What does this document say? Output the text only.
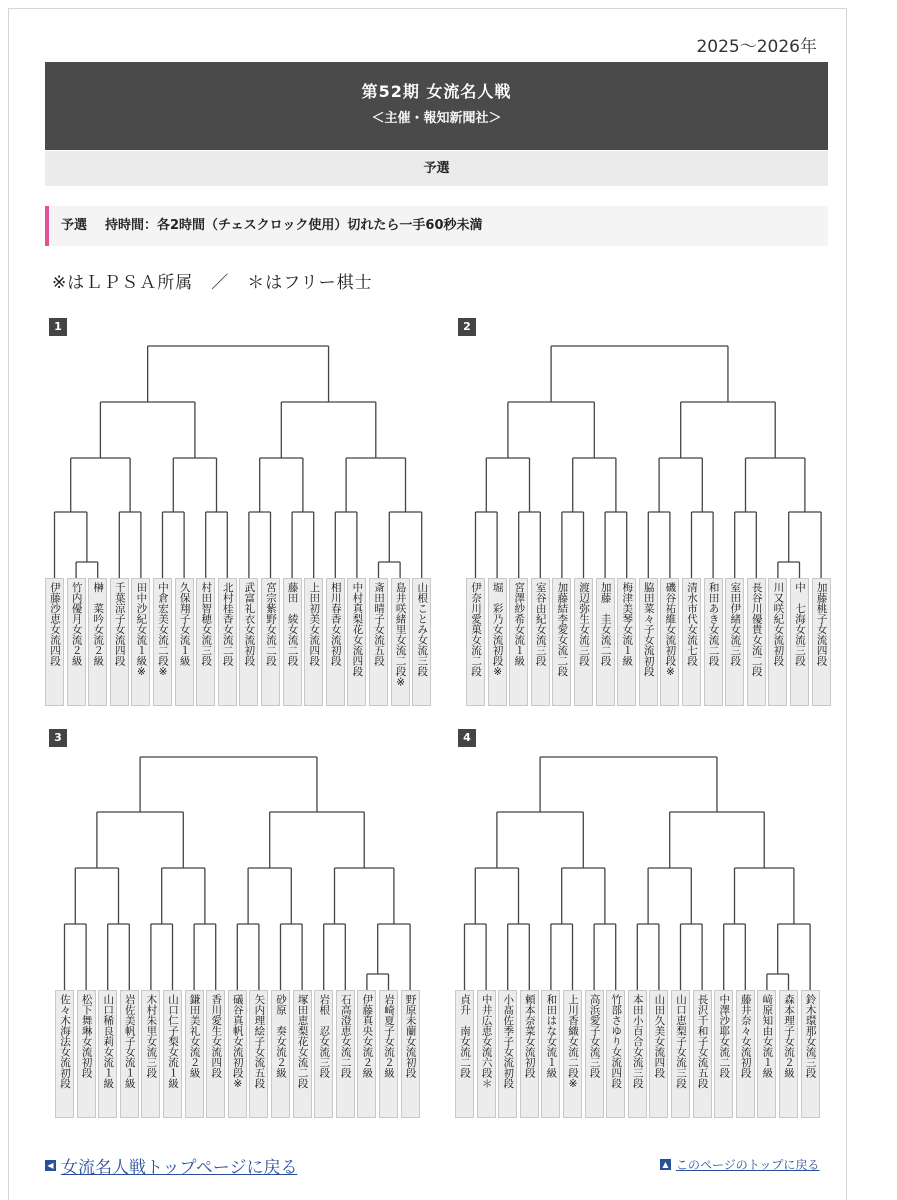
2025～2026年
第52期 女流名人戦
＜主催・報知新聞社＞
予選
予選 持時間：各2時間（チェスクロック使用）切れたら一手60秒未満
※はＬＰＳＡ所属　／　＊はフリー棋士
1	2
3	4
伊藤沙恵女流四段 竹内優月女流２級 榊　菜吟女流２級 千葉涼子女流四段 田中沙紀女流１級※ 中倉宏美女流二段※ 久保翔子女流１級 村田智穂女流三段 北村桂香女流二段 武富礼衣女流初段 宮宗紫野女流二段 藤田　綾女流二段 上田初美女流四段 相川春香女流初段 中村真梨花女流四段 斎田晴子女流五段 島井咲緒里女流二段※ 山根ことみ女流三段	伊奈川愛菓女流二段 堀　彩乃女流初段※ 宮澤紗希女流１級 室谷由紀女流三段 加藤結李愛女流二段 渡辺弥生女流三段 加藤　圭女流二段 梅津美琴女流１級 脇田菜々子女流初段 磯谷祐維女流初段※ 清水市代女流七段 和田あき女流二段 室田伊緒女流三段 長谷川優貴女流二段 川又咲紀女流初段 中　七海女流三段 加藤桃子女流四段
佐々木海法女流初段 松下舞琳女流初段 山口稀良莉女流１級 岩佐美帆子女流１級 木村朱里女流三段 山口仁子梨女流１級 鎌田美礼女流２級 香川愛生女流四段 礒谷真帆女流初段※ 矢内理絵子女流五段 砂原　奏女流２級 塚田恵梨花女流二段 岩根　忍女流三段 石高澄恵女流二段 伊藤真央女流２級 岩崎夏子女流２級 野原未蘭女流初段	貞升　南女流二段 中井広恵女流六段＊ 小髙佐季子女流初段 頼本奈菜女流初段 和田はな女流１級 上川香織女流二段※ 高浜愛子女流三段 竹部さゆり女流四段 本田小百合女流三段 山田久美女流四段 山口恵梨子女流三段 長沢千和子女流五段 中澤沙耶女流二段 藤井奈々女流初段 﨑原知由女流１級 森本理子女流２級 鈴木環那女流三段
◀ 女流名人戦トップページに戻る	▲ このページのトップに戻る
